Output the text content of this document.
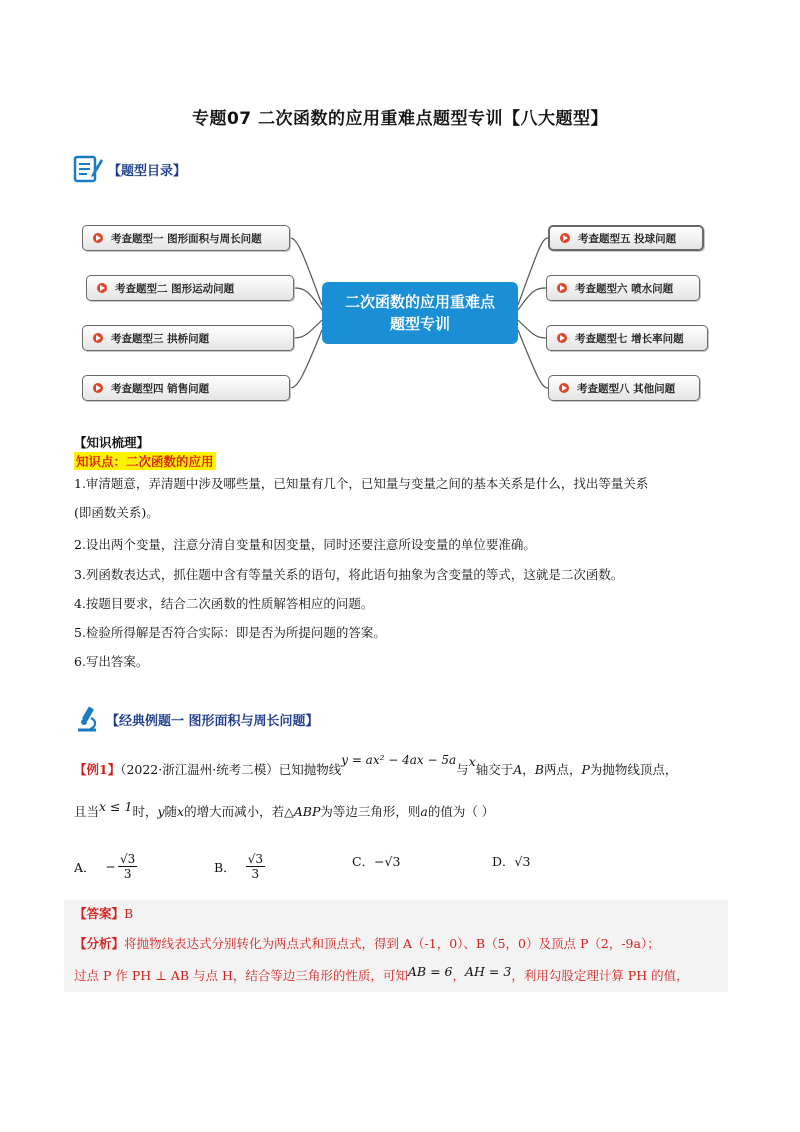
专题07 二次函数的应用重难点题型专训【八大题型】
【题型目录】
考查题型一 图形面积与周长问题
考查题型二 图形运动问题
考查题型三 拱桥问题
考查题型四 销售问题
二次函数的应用重难点
题型专训
考查题型五 投球问题
考查题型六 喷水问题
考查题型七 增长率问题
考查题型八 其他问题
【知识梳理】
知识点：二次函数的应用
1.审清题意，弄清题中涉及哪些量，已知量有几个，已知量与变量之间的基本关系是什么，找出等量关系
(即函数关系)。
2.设出两个变量，注意分清自变量和因变量，同时还要注意所设变量的单位要准确。
3.列函数表达式，抓住题中含有等量关系的语句，将此语句抽象为含变量的等式，这就是二次函数。
4.按题目要求，结合二次函数的性质解答相应的问题。
5.检验所得解是否符合实际：即是否为所提问题的答案。
6.写出答案。
【经典例题一 图形面积与周长问题】
【例1】（2022·浙江温州·统考二模）已知抛物线y = ax² − 4ax − 5a与x轴交于A，B两点，P为抛物线顶点，
且当x ≤ 1时，y随x的增大而减小，若△ABP为等边三角形，则a的值为（ ）
A． − $\frac{√3}{3}$	B． $\frac{√3}{3}$	C．−√3	D．√3
【答案】B
【分析】将抛物线表达式分别转化为两点式和顶点式，得到 A（-1，0）、B（5，0）及顶点 P（2，-9a）；
过点 P 作 PH ⊥ AB 与点 H，结合等边三角形的性质，可知AB = 6，AH = 3，利用勾股定理计算 PH 的值，
